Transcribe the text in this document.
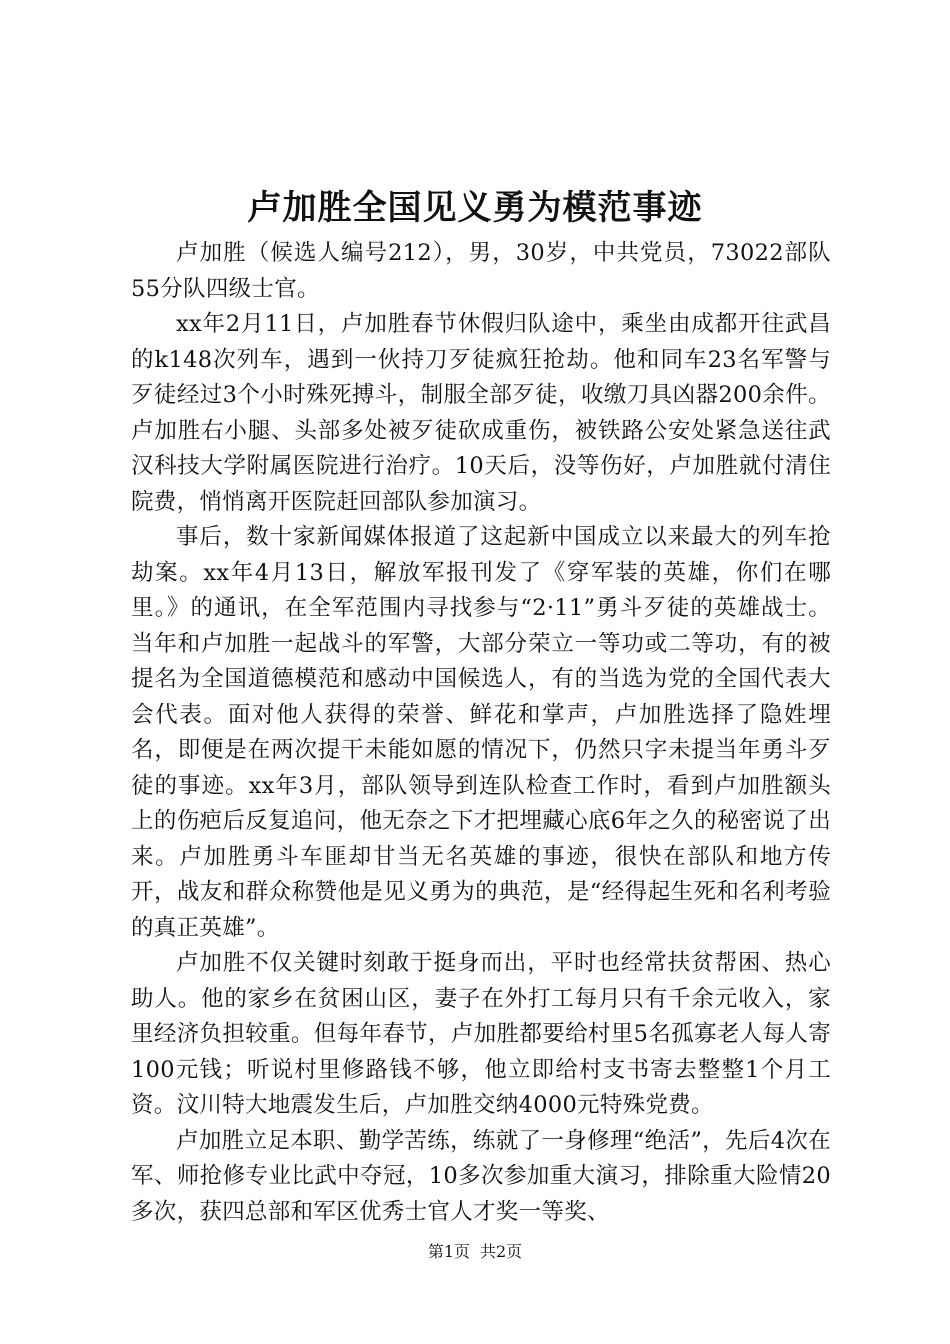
卢加胜全国见义勇为模范事迹

卢加胜（候选人编号212），男，30岁，中共党员，73022部队55分队四级士官。

xx年2月11日，卢加胜春节休假归队途中，乘坐由成都开往武昌的k148次列车，遇到一伙持刀歹徒疯狂抢劫。他和同车23名军警与歹徒经过3个小时殊死搏斗，制服全部歹徒，收缴刀具凶器200余件。卢加胜右小腿、头部多处被歹徒砍成重伤，被铁路公安处紧急送往武汉科技大学附属医院进行治疗。10天后，没等伤好，卢加胜就付清住院费，悄悄离开医院赶回部队参加演习。

事后，数十家新闻媒体报道了这起新中国成立以来最大的列车抢劫案。xx年4月13日，解放军报刊发了《穿军装的英雄，你们在哪里。》的通讯，在全军范围内寻找参与“2·11”勇斗歹徒的英雄战士。当年和卢加胜一起战斗的军警，大部分荣立一等功或二等功，有的被提名为全国道德模范和感动中国候选人，有的当选为党的全国代表大会代表。面对他人获得的荣誉、鲜花和掌声，卢加胜选择了隐姓埋名，即便是在两次提干未能如愿的情况下，仍然只字未提当年勇斗歹徒的事迹。xx年3月，部队领导到连队检查工作时，看到卢加胜额头上的伤疤后反复追问，他无奈之下才把埋藏心底6年之久的秘密说了出来。卢加胜勇斗车匪却甘当无名英雄的事迹，很快在部队和地方传开，战友和群众称赞他是见义勇为的典范，是“经得起生死和名利考验的真正英雄”。

卢加胜不仅关键时刻敢于挺身而出，平时也经常扶贫帮困、热心助人。他的家乡在贫困山区，妻子在外打工每月只有千余元收入，家里经济负担较重。但每年春节，卢加胜都要给村里5名孤寡老人每人寄100元钱；听说村里修路钱不够，他立即给村支书寄去整整1个月工资。汶川特大地震发生后，卢加胜交纳4000元特殊党费。

卢加胜立足本职、勤学苦练，练就了一身修理“绝活”，先后4次在军、师抢修专业比武中夺冠，10多次参加重大演习，排除重大险情20多次，获四总部和军区优秀士官人才奖一等奖、

第1页 共2页
